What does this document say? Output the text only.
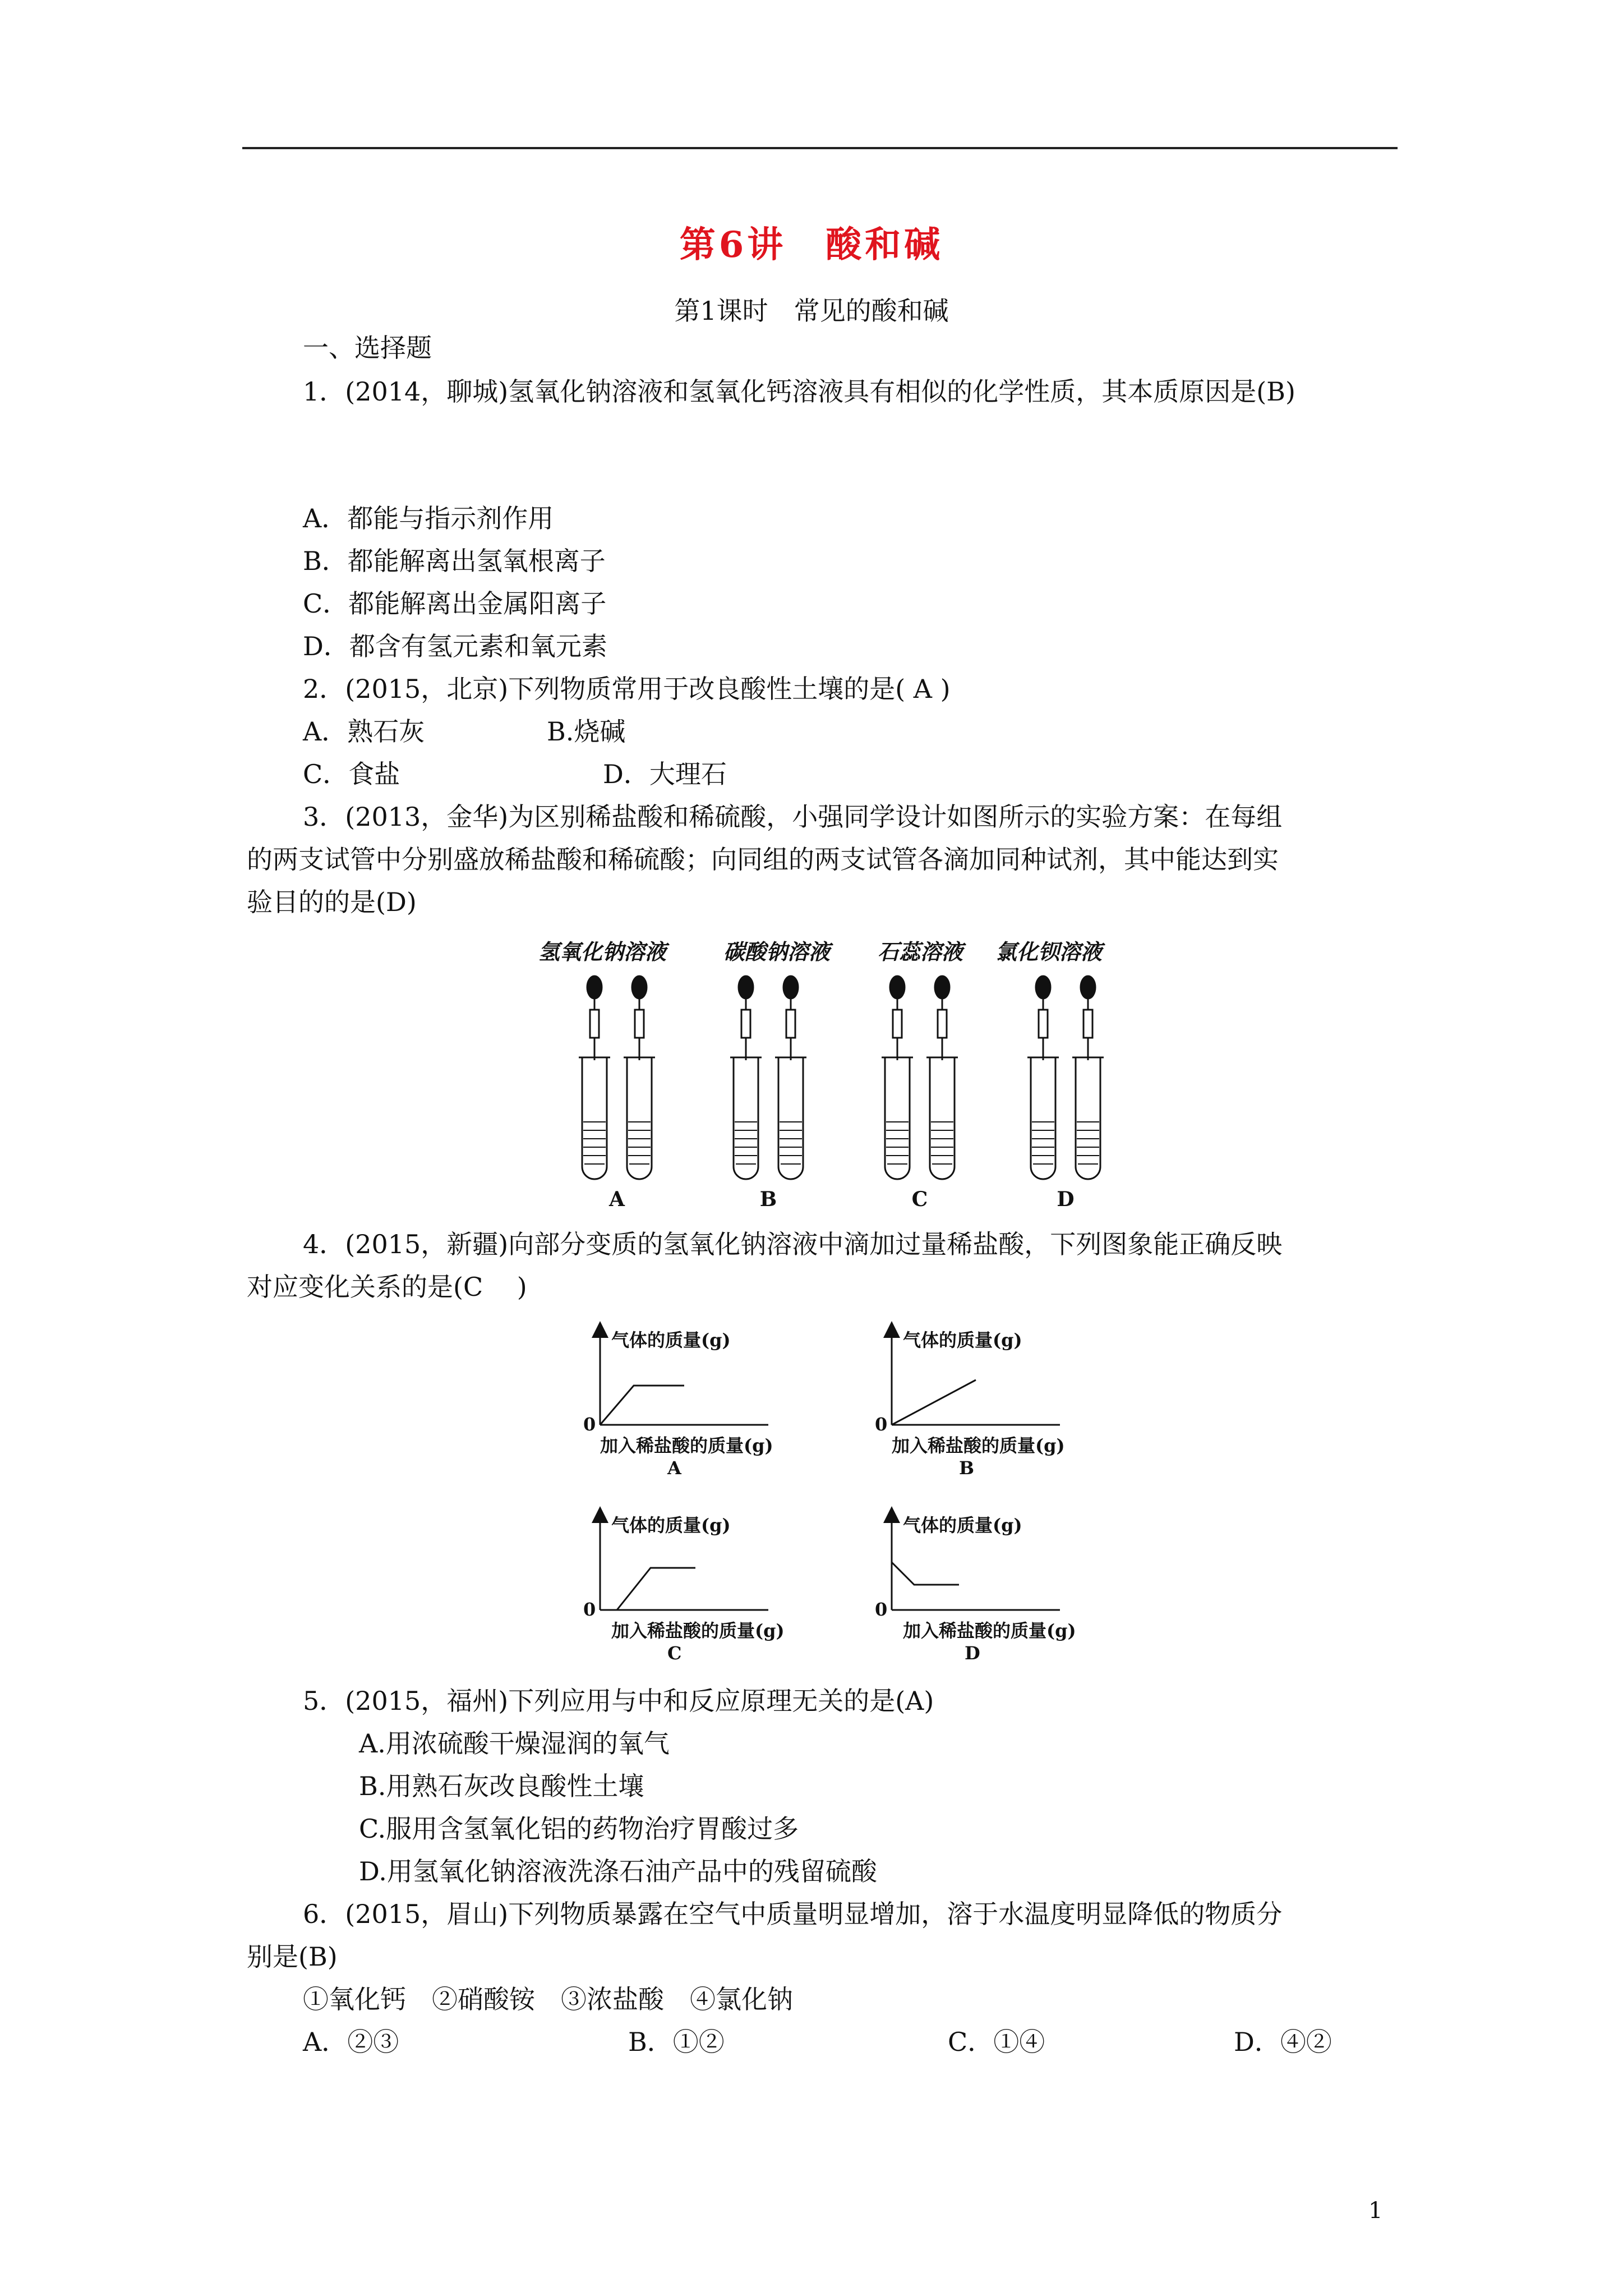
第6讲　酸和碱
第1课时　常见的酸和碱
一、选择题
1．(2014，聊城)氢氧化钠溶液和氢氧化钙溶液具有相似的化学性质，其本质原因是(B)
A．都能与指示剂作用
B．都能解离出氢氧根离子
C．都能解离出金属阳离子
D．都含有氢元素和氧元素
2．(2015，北京)下列物质常用于改良酸性土壤的是( A )
A．熟石灰	B.烧碱
C．食盐	D．大理石
3．(2013，金华)为区别稀盐酸和稀硫酸，小强同学设计如图所示的实验方案：在每组
的两支试管中分别盛放稀盐酸和稀硫酸；向同组的两支试管各滴加同种试剂，其中能达到实
验目的的是(D)
氢氧化钠溶液	碳酸钠溶液 石蕊溶液 氯化钡溶液
A	B	C	D
4．(2015，新疆)向部分变质的氢氧化钠溶液中滴加过量稀盐酸，下列图象能正确反映
对应变化关系的是(C　 )
气体的质量(g)
0
加入稀盐酸的质量(g)
A
气体的质量(g)
0
加入稀盐酸的质量(g)
B
气体的质量(g)
0
加入稀盐酸的质量(g)
C
气体的质量(g)
0
加入稀盐酸的质量(g)
D
5．(2015，福州)下列应用与中和反应原理无关的是(A)
A.用浓硫酸干燥湿润的氧气
B.用熟石灰改良酸性土壤
C.服用含氢氧化铝的药物治疗胃酸过多
D.用氢氧化钠溶液洗涤石油产品中的残留硫酸
6．(2015，眉山)下列物质暴露在空气中质量明显增加，溶于水温度明显降低的物质分
别是(B)
①氧化钙　②硝酸铵　③浓盐酸　④氯化钠
A．②③	B．①②	C．①④	D．④②
1
